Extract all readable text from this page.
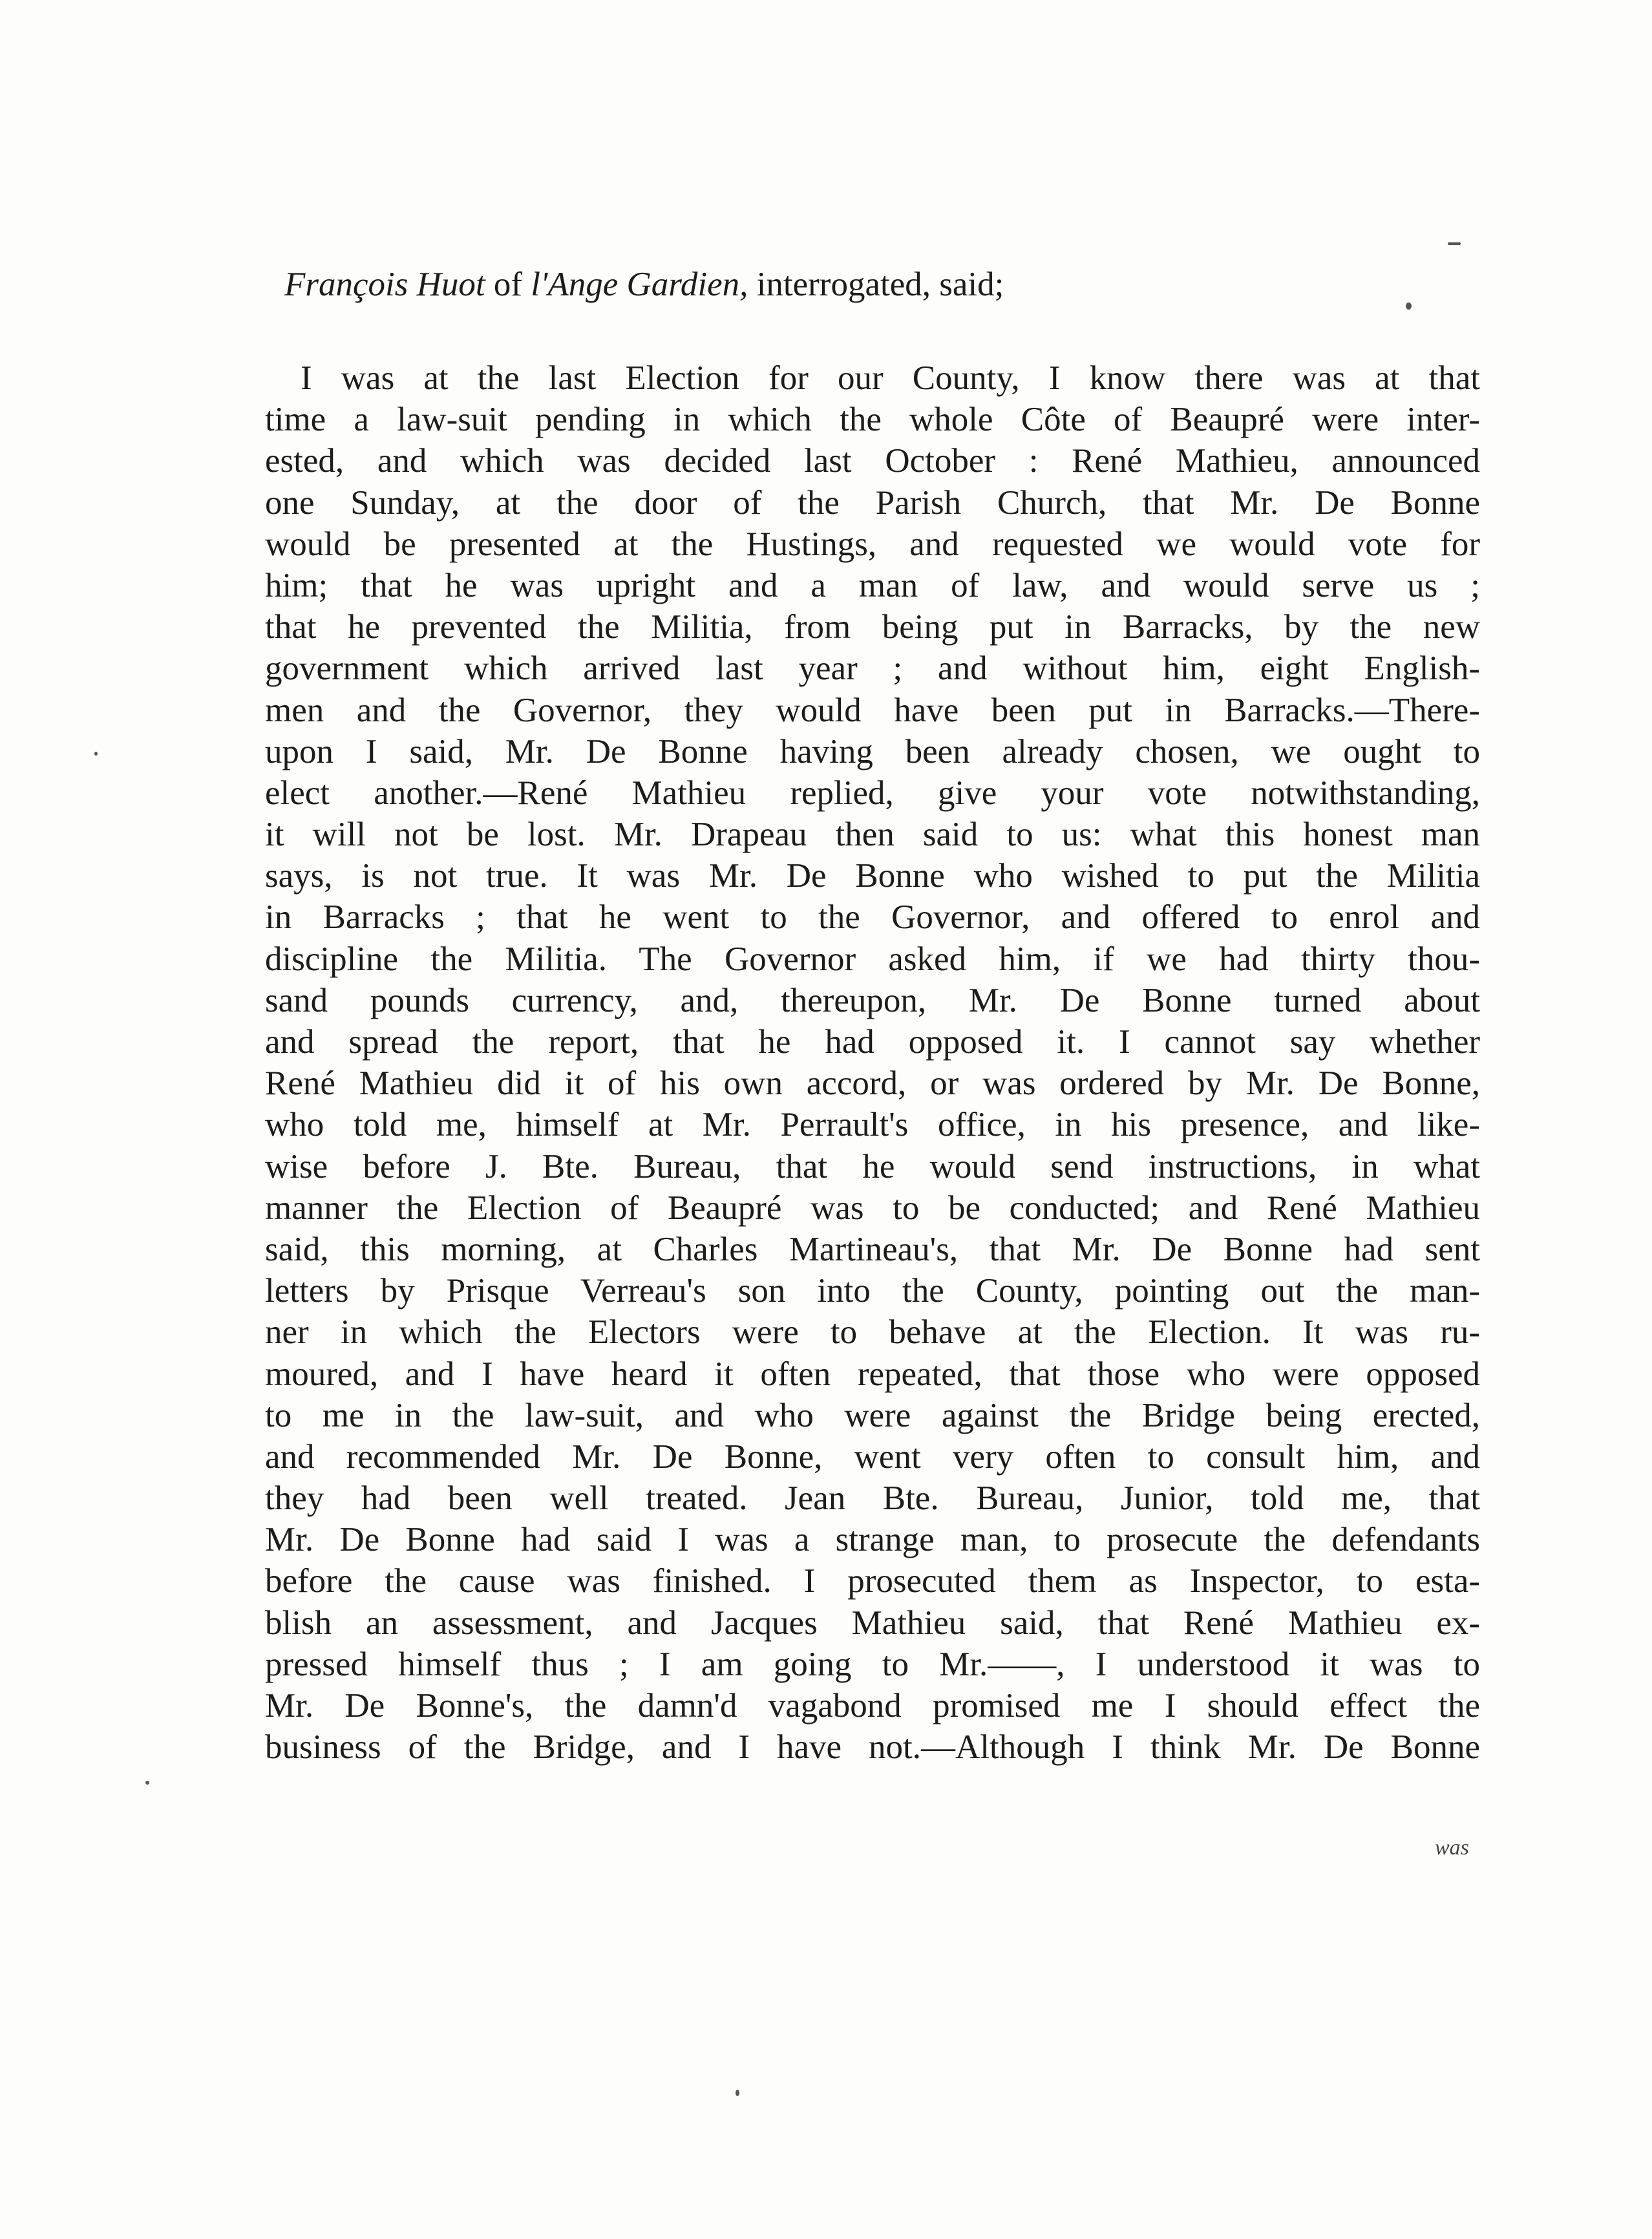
François Huot of l'Ange Gardien, interrogated, said;
I was at the last Election for our County, I know there was at that
time a law-suit pending in which the whole Côte of Beaupré were inter-
ested, and which was decided last October : René Mathieu, announced
one Sunday, at the door of the Parish Church, that Mr. De Bonne
would be presented at the Hustings, and requested we would vote for
him; that he was upright and a man of law, and would serve us ;
that he prevented the Militia, from being put in Barracks, by the new
government which arrived last year ; and without him, eight English-
men and the Governor, they would have been put in Barracks.—There-
upon I said, Mr. De Bonne having been already chosen, we ought to
elect another.—René Mathieu replied, give your vote notwithstanding,
it will not be lost. Mr. Drapeau then said to us: what this honest man
says, is not true. It was Mr. De Bonne who wished to put the Militia
in Barracks ; that he went to the Governor, and offered to enrol and
discipline the Militia. The Governor asked him, if we had thirty thou-
sand pounds currency, and, thereupon, Mr. De Bonne turned about
and spread the report, that he had opposed it. I cannot say whether
René Mathieu did it of his own accord, or was ordered by Mr. De Bonne,
who told me, himself at Mr. Perrault's office, in his presence, and like-
wise before J. Bte. Bureau, that he would send instructions, in what
manner the Election of Beaupré was to be conducted; and René Mathieu
said, this morning, at Charles Martineau's, that Mr. De Bonne had sent
letters by Prisque Verreau's son into the County, pointing out the man-
ner in which the Electors were to behave at the Election. It was ru-
moured, and I have heard it often repeated, that those who were opposed
to me in the law-suit, and who were against the Bridge being erected,
and recommended Mr. De Bonne, went very often to consult him, and
they had been well treated. Jean Bte. Bureau, Junior, told me, that
Mr. De Bonne had said I was a strange man, to prosecute the defendants
before the cause was finished. I prosecuted them as Inspector, to esta-
blish an assessment, and Jacques Mathieu said, that René Mathieu ex-
pressed himself thus ; I am going to Mr.——, I understood it was to
Mr. De Bonne's, the damn'd vagabond promised me I should effect the
business of the Bridge, and I have not.—Although I think Mr. De Bonne
was
